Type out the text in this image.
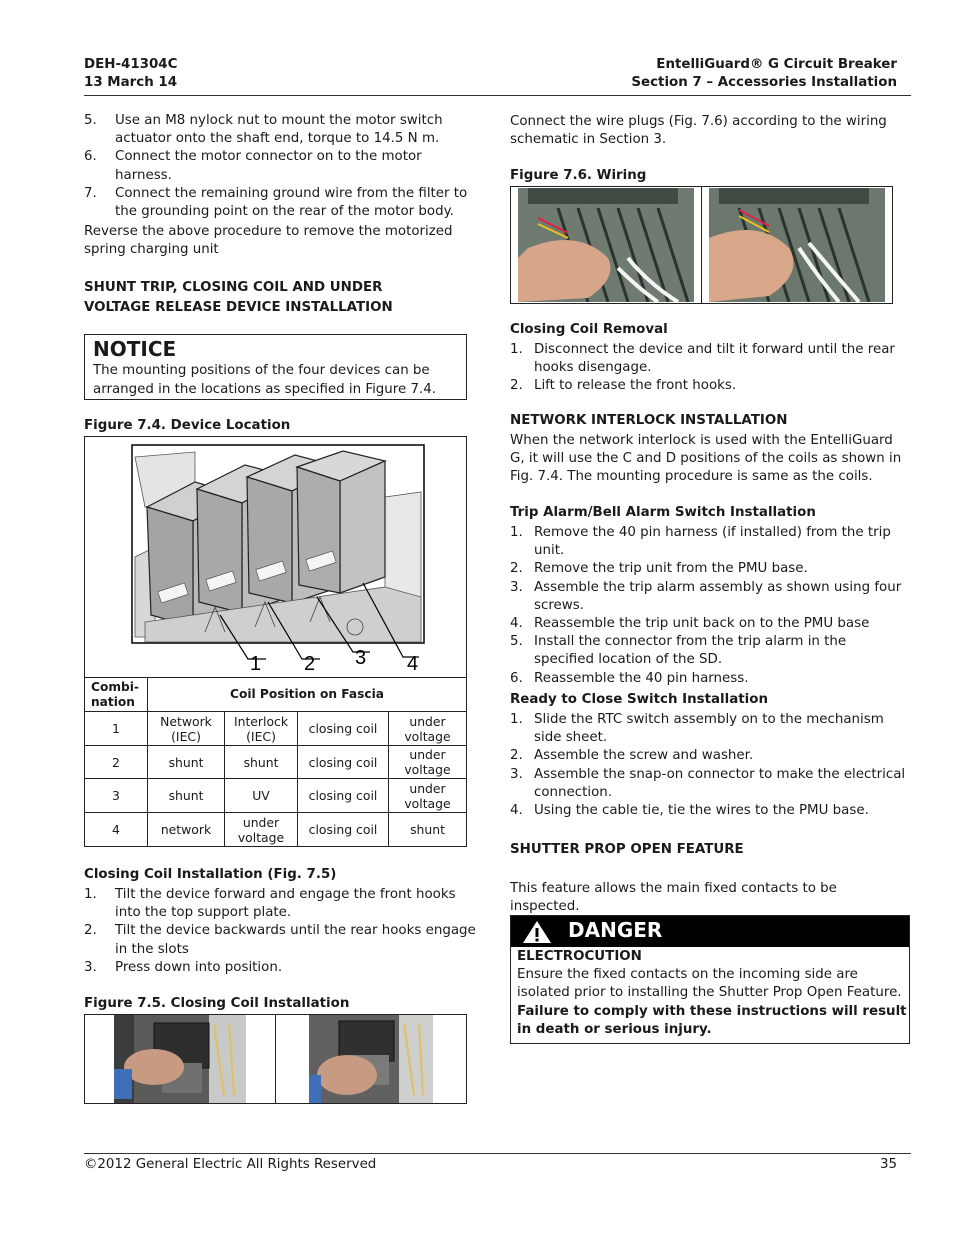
DEH-41304C
13 March 14
EntelliGuard® G Circuit Breaker
Section 7 – Accessories Installation
5. Use an M8 nylock nut to mount the motor switch actuator onto the shaft end, torque to 14.5 N m.
6. Connect the motor connector on to the motor harness.
7. Connect the remaining ground wire from the filter to the grounding point on the rear of the motor body.

Reverse the above procedure to remove the motorized spring charging unit

SHUNT TRIP, CLOSING COIL AND UNDER VOLTAGE RELEASE DEVICE INSTALLATION
NOTICE
The mounting positions of the four devices can be arranged in the locations as specified in Figure 7.4.
Figure 7.4. Device Location
1 2 3 4
Combi-nation	Coil Position on Fascia			
1	Network (IEC)	Interlock (IEC)	closing coil	under voltage
2	shunt	shunt	closing coil	under voltage
3	shunt	UV	closing coil	under voltage
4	network	under voltage	closing coil	shunt
Closing Coil Installation (Fig. 7.5)
1. Tilt the device forward and engage the front hooks into the top support plate.
2. Tilt the device backwards until the rear hooks engage in the slots
3. Press down into position.
Figure 7.5. Closing Coil Installation

Connect the wire plugs (Fig. 7.6) according to the wiring schematic in Section 3.

Figure 7.6. Wiring
Closing Coil Removal
1. Disconnect the device and tilt it forward until the rear hooks disengage.
2. Lift to release the front hooks.
NETWORK INTERLOCK INSTALLATION

When the network interlock is used with the EntelliGuard G, it will use the C and D positions of the coils as shown in Fig. 7.4. The mounting procedure is same as the coils.

Trip Alarm/Bell Alarm Switch Installation
1. Remove the 40 pin harness (if installed) from the trip unit.
2. Remove the trip unit from the PMU base.
3. Assemble the trip alarm assembly as shown using four screws.
4. Reassemble the trip unit back on to the PMU base
5. Install the connector from the trip alarm in the specified location of the SD.
6. Reassemble the 40 pin harness.
Ready to Close Switch Installation
1. Slide the RTC switch assembly on to the mechanism side sheet.
2. Assemble the screw and washer.
3. Assemble the snap-on connector to make the electrical connection.
4. Using the cable tie, tie the wires to the PMU base.
SHUTTER PROP OPEN FEATURE

This feature allows the main fixed contacts to be inspected.

DANGER
ELECTROCUTION
Ensure the fixed contacts on the incoming side are isolated prior to installing the Shutter Prop Open Feature.
Failure to comply with these instructions will result in death or serious injury.
©2012 General Electric All Rights Reserved	35
